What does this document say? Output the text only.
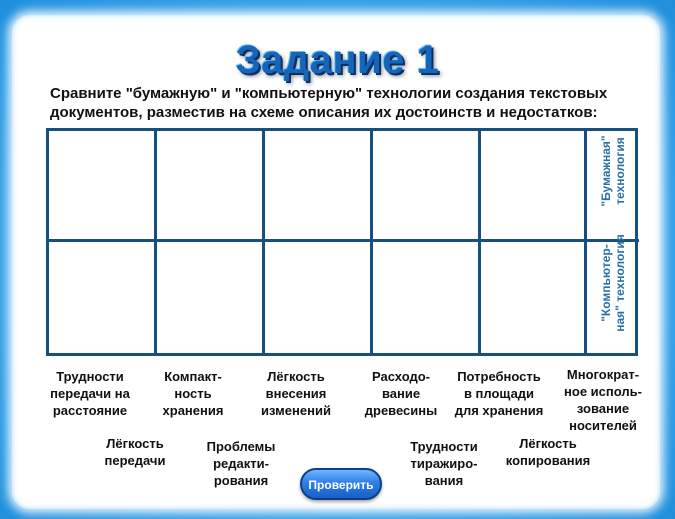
Задание 1
Сравните "бумажную" и "компьютерную" технологии создания текстовых
документов, разместив на схеме описания их достоинств и недостатков:
"Бумажная" технология
"Компьютер- ная" технология
Трудности
передачи на
расстояние
Компакт-
ность
хранения
Лёгкость
внесения
изменений
Расходо-
вание
древесины
Потребность
в площади
для хранения
Многократ-
ное исполь-
зование
носителей
Лёгкость
передачи
Проблемы
редакти-
рования
Трудности
тиражиро-
вания
Лёгкость
копирования
Проверить
